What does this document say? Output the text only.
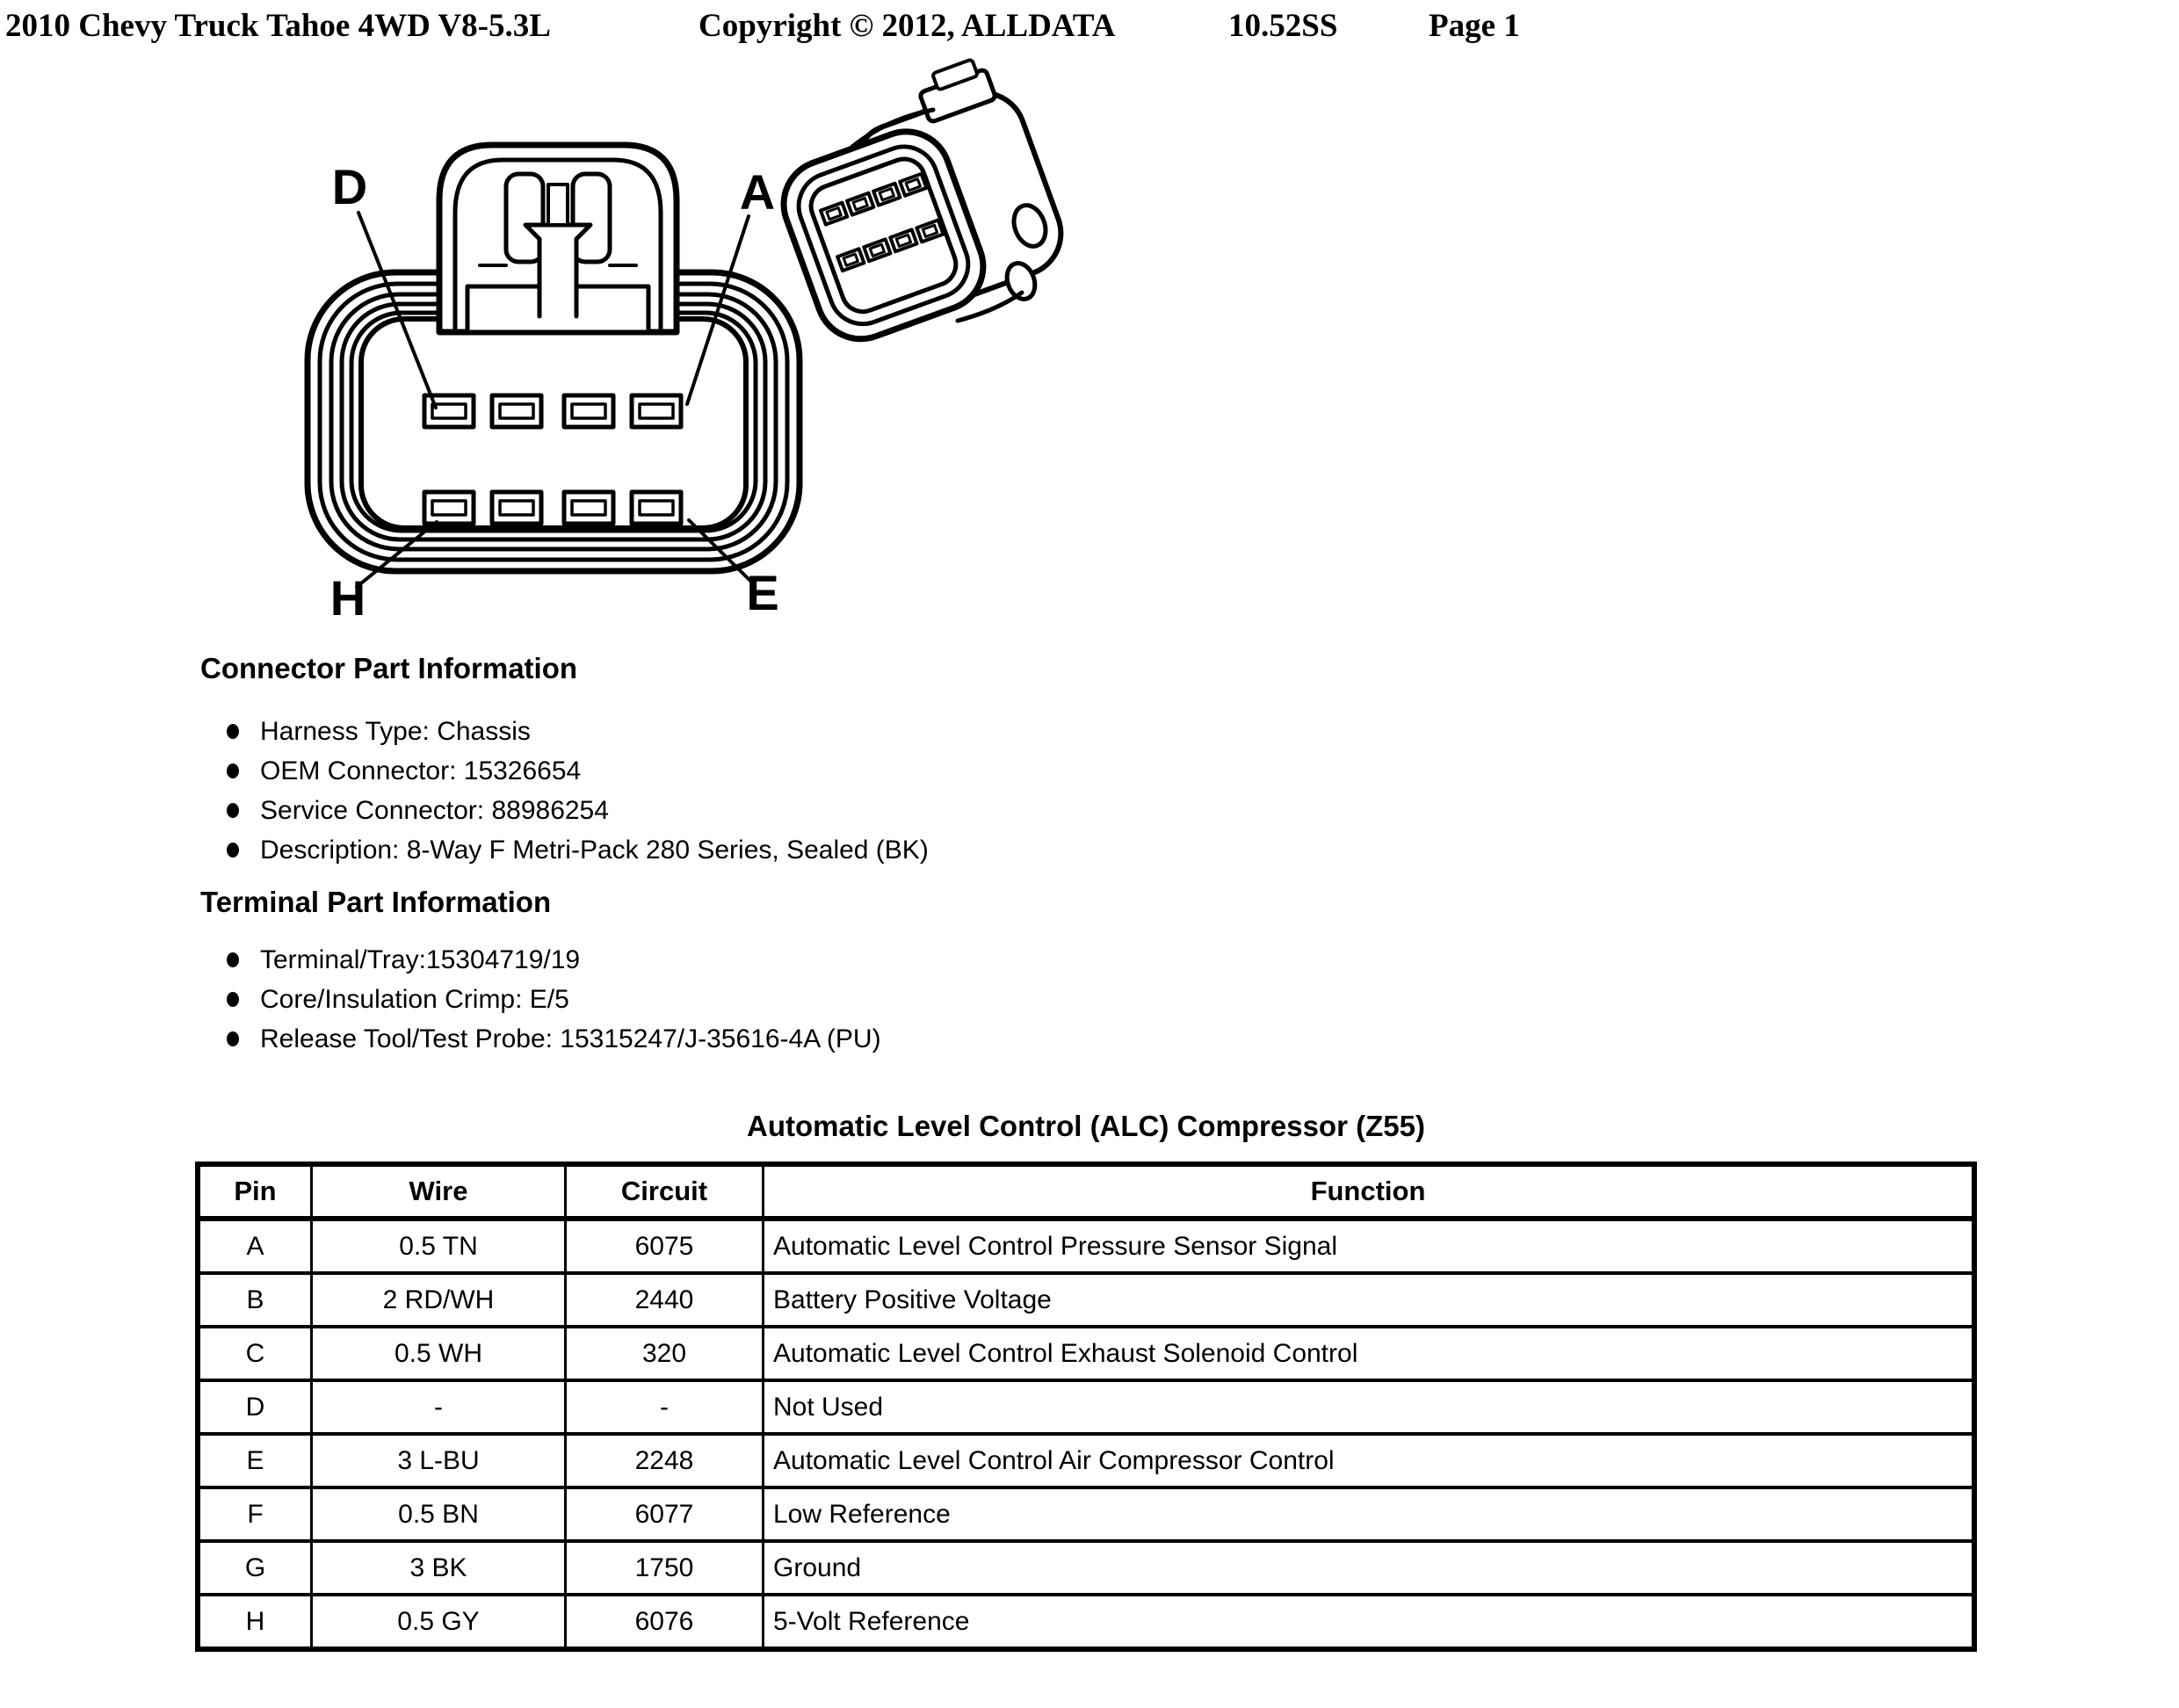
2010 Chevy Truck Tahoe 4WD V8-5.3L	Copyright © 2012, ALLDATA	10.52SS	Page 1
D	A
H	E
Connector Part Information
Harness Type: Chassis
OEM Connector: 15326654
Service Connector: 88986254
Description: 8-Way F Metri-Pack 280 Series, Sealed (BK)
Terminal Part Information
Terminal/Tray:15304719/19
Core/Insulation Crimp: E/5
Release Tool/Test Probe: 15315247/J-35616-4A (PU)
Automatic Level Control (ALC) Compressor (Z55)
Pin	Wire	Circuit	Function
A	0.5 TN	6075	Automatic Level Control Pressure Sensor Signal
B	2 RD/WH	2440	Battery Positive Voltage
C	0.5 WH	320	Automatic Level Control Exhaust Solenoid Control
D	-	-	Not Used
E	3 L-BU	2248	Automatic Level Control Air Compressor Control
F	0.5 BN	6077	Low Reference
G	3 BK	1750	Ground
H	0.5 GY	6076	5-Volt Reference
